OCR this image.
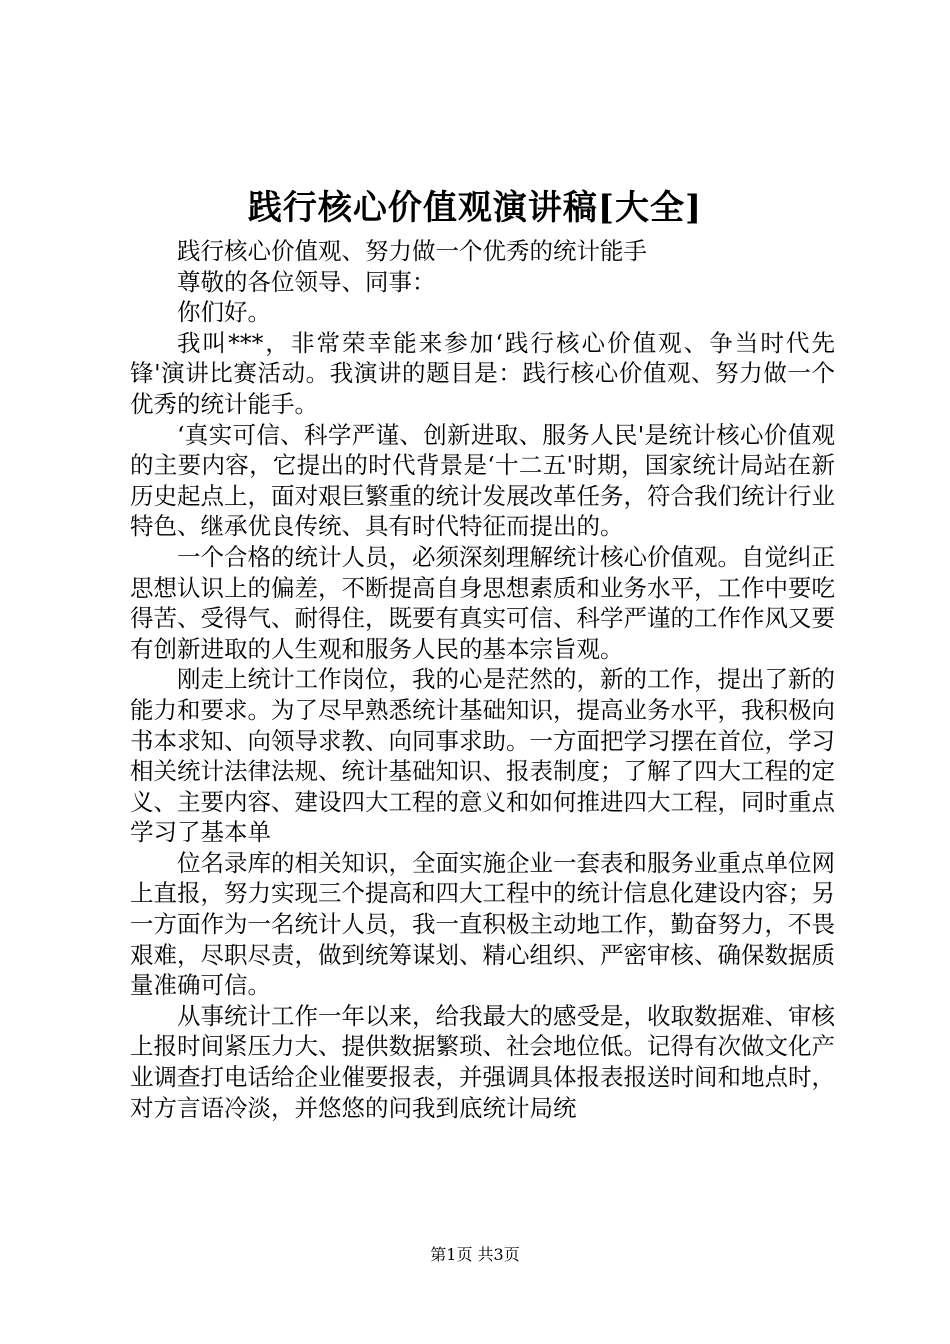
践行核心价值观演讲稿[大全]

践行核心价值观、努力做一个优秀的统计能手

尊敬的各位领导、同事：

你们好。

我叫***，非常荣幸能来参加‘践行核心价值观、争当时代先锋'演讲比赛活动。我演讲的题目是：践行核心价值观、努力做一个优秀的统计能手。

‘真实可信、科学严谨、创新进取、服务人民'是统计核心价值观的主要内容，它提出的时代背景是‘十二五'时期，国家统计局站在新历史起点上，面对艰巨繁重的统计发展改革任务，符合我们统计行业特色、继承优良传统、具有时代特征而提出的。

一个合格的统计人员，必须深刻理解统计核心价值观。自觉纠正思想认识上的偏差，不断提高自身思想素质和业务水平，工作中要吃得苦、受得气、耐得住，既要有真实可信、科学严谨的工作作风又要有创新进取的人生观和服务人民的基本宗旨观。

刚走上统计工作岗位，我的心是茫然的，新的工作，提出了新的能力和要求。为了尽早熟悉统计基础知识，提高业务水平，我积极向书本求知、向领导求教、向同事求助。一方面把学习摆在首位，学习相关统计法律法规、统计基础知识、报表制度；了解了四大工程的定义、主要内容、建设四大工程的意义和如何推进四大工程，同时重点学习了基本单

位名录库的相关知识，全面实施企业一套表和服务业重点单位网上直报，努力实现三个提高和四大工程中的统计信息化建设内容；另一方面作为一名统计人员，我一直积极主动地工作，勤奋努力，不畏艰难，尽职尽责，做到统筹谋划、精心组织、严密审核、确保数据质量准确可信。

从事统计工作一年以来，给我最大的感受是，收取数据难、审核上报时间紧压力大、提供数据繁琐、社会地位低。记得有次做文化产业调查打电话给企业催要报表，并强调具体报表报送时间和地点时，对方言语冷淡，并悠悠的问我到底统计局统

第1页 共3页
